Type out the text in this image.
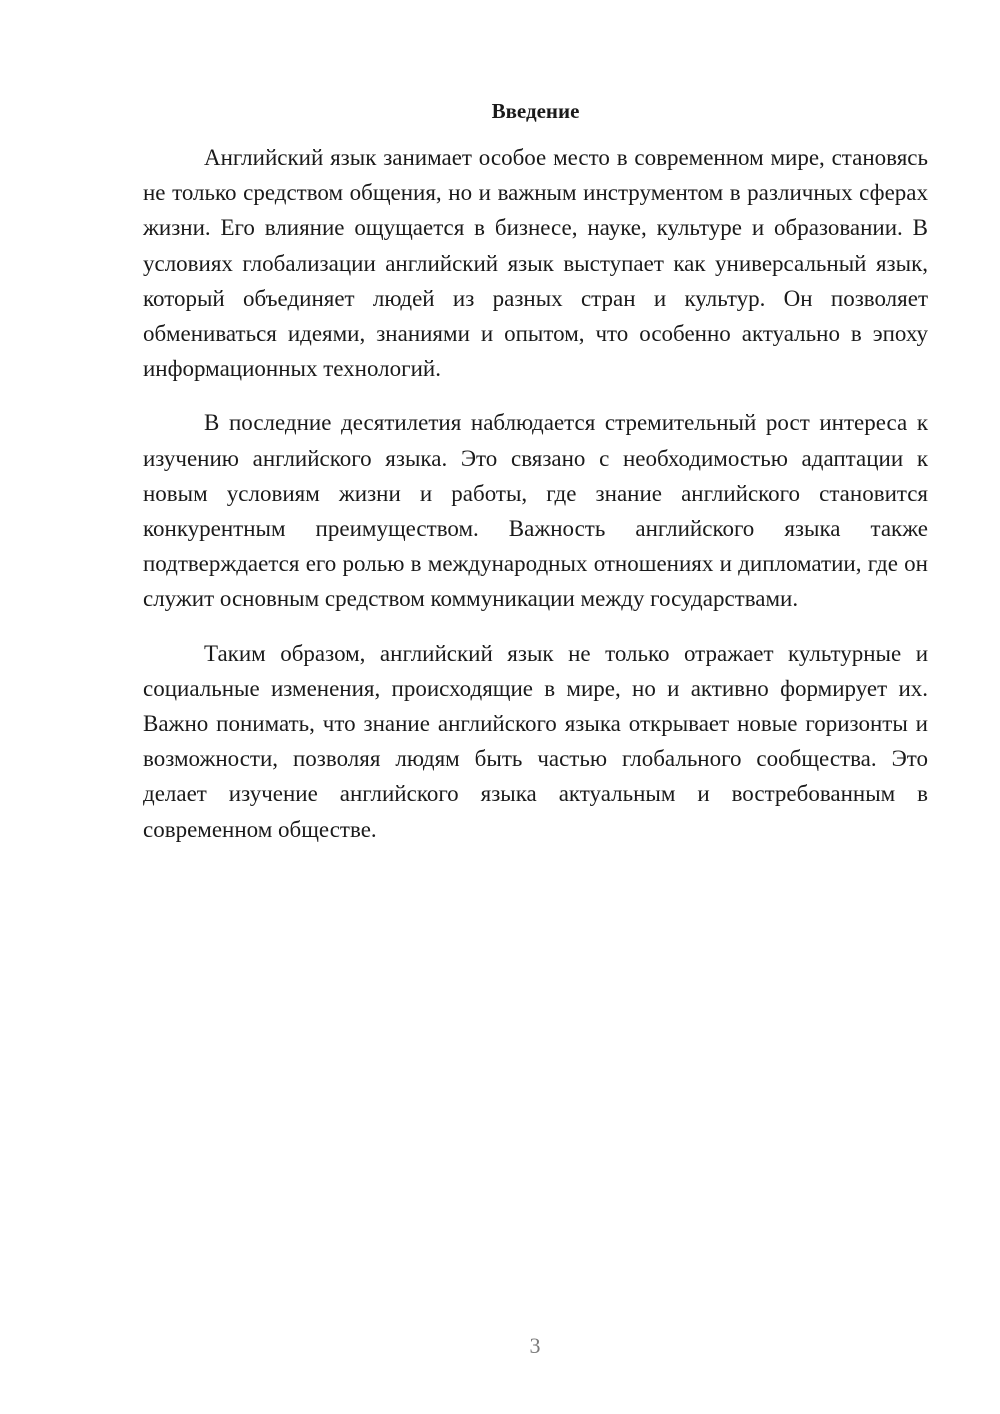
Введение

Английский язык занимает особое место в современном мире, становясь не только средством общения, но и важным инструментом в различных сферах жизни. Его влияние ощущается в бизнесе, науке, культуре и образовании. В условиях глобализации английский язык выступает как универсальный язык, который объединяет людей из разных стран и культур. Он позволяет обмениваться идеями, знаниями и опытом, что особенно актуально в эпоху информационных технологий.

В последние десятилетия наблюдается стремительный рост интереса к изучению английского языка. Это связано с необходимостью адаптации к новым условиям жизни и работы, где знание английского становится конкурентным преимуществом. Важность английского языка также подтверждается его ролью в международных отношениях и дипломатии, где он служит основным средством коммуникации между государствами.

Таким образом, английский язык не только отражает культурные и социальные изменения, происходящие в мире, но и активно формирует их. Важно понимать, что знание английского языка открывает новые горизонты и возможности, позволяя людям быть частью глобального сообщества. Это делает изучение английского языка актуальным и востребованным в современном обществе.

3
